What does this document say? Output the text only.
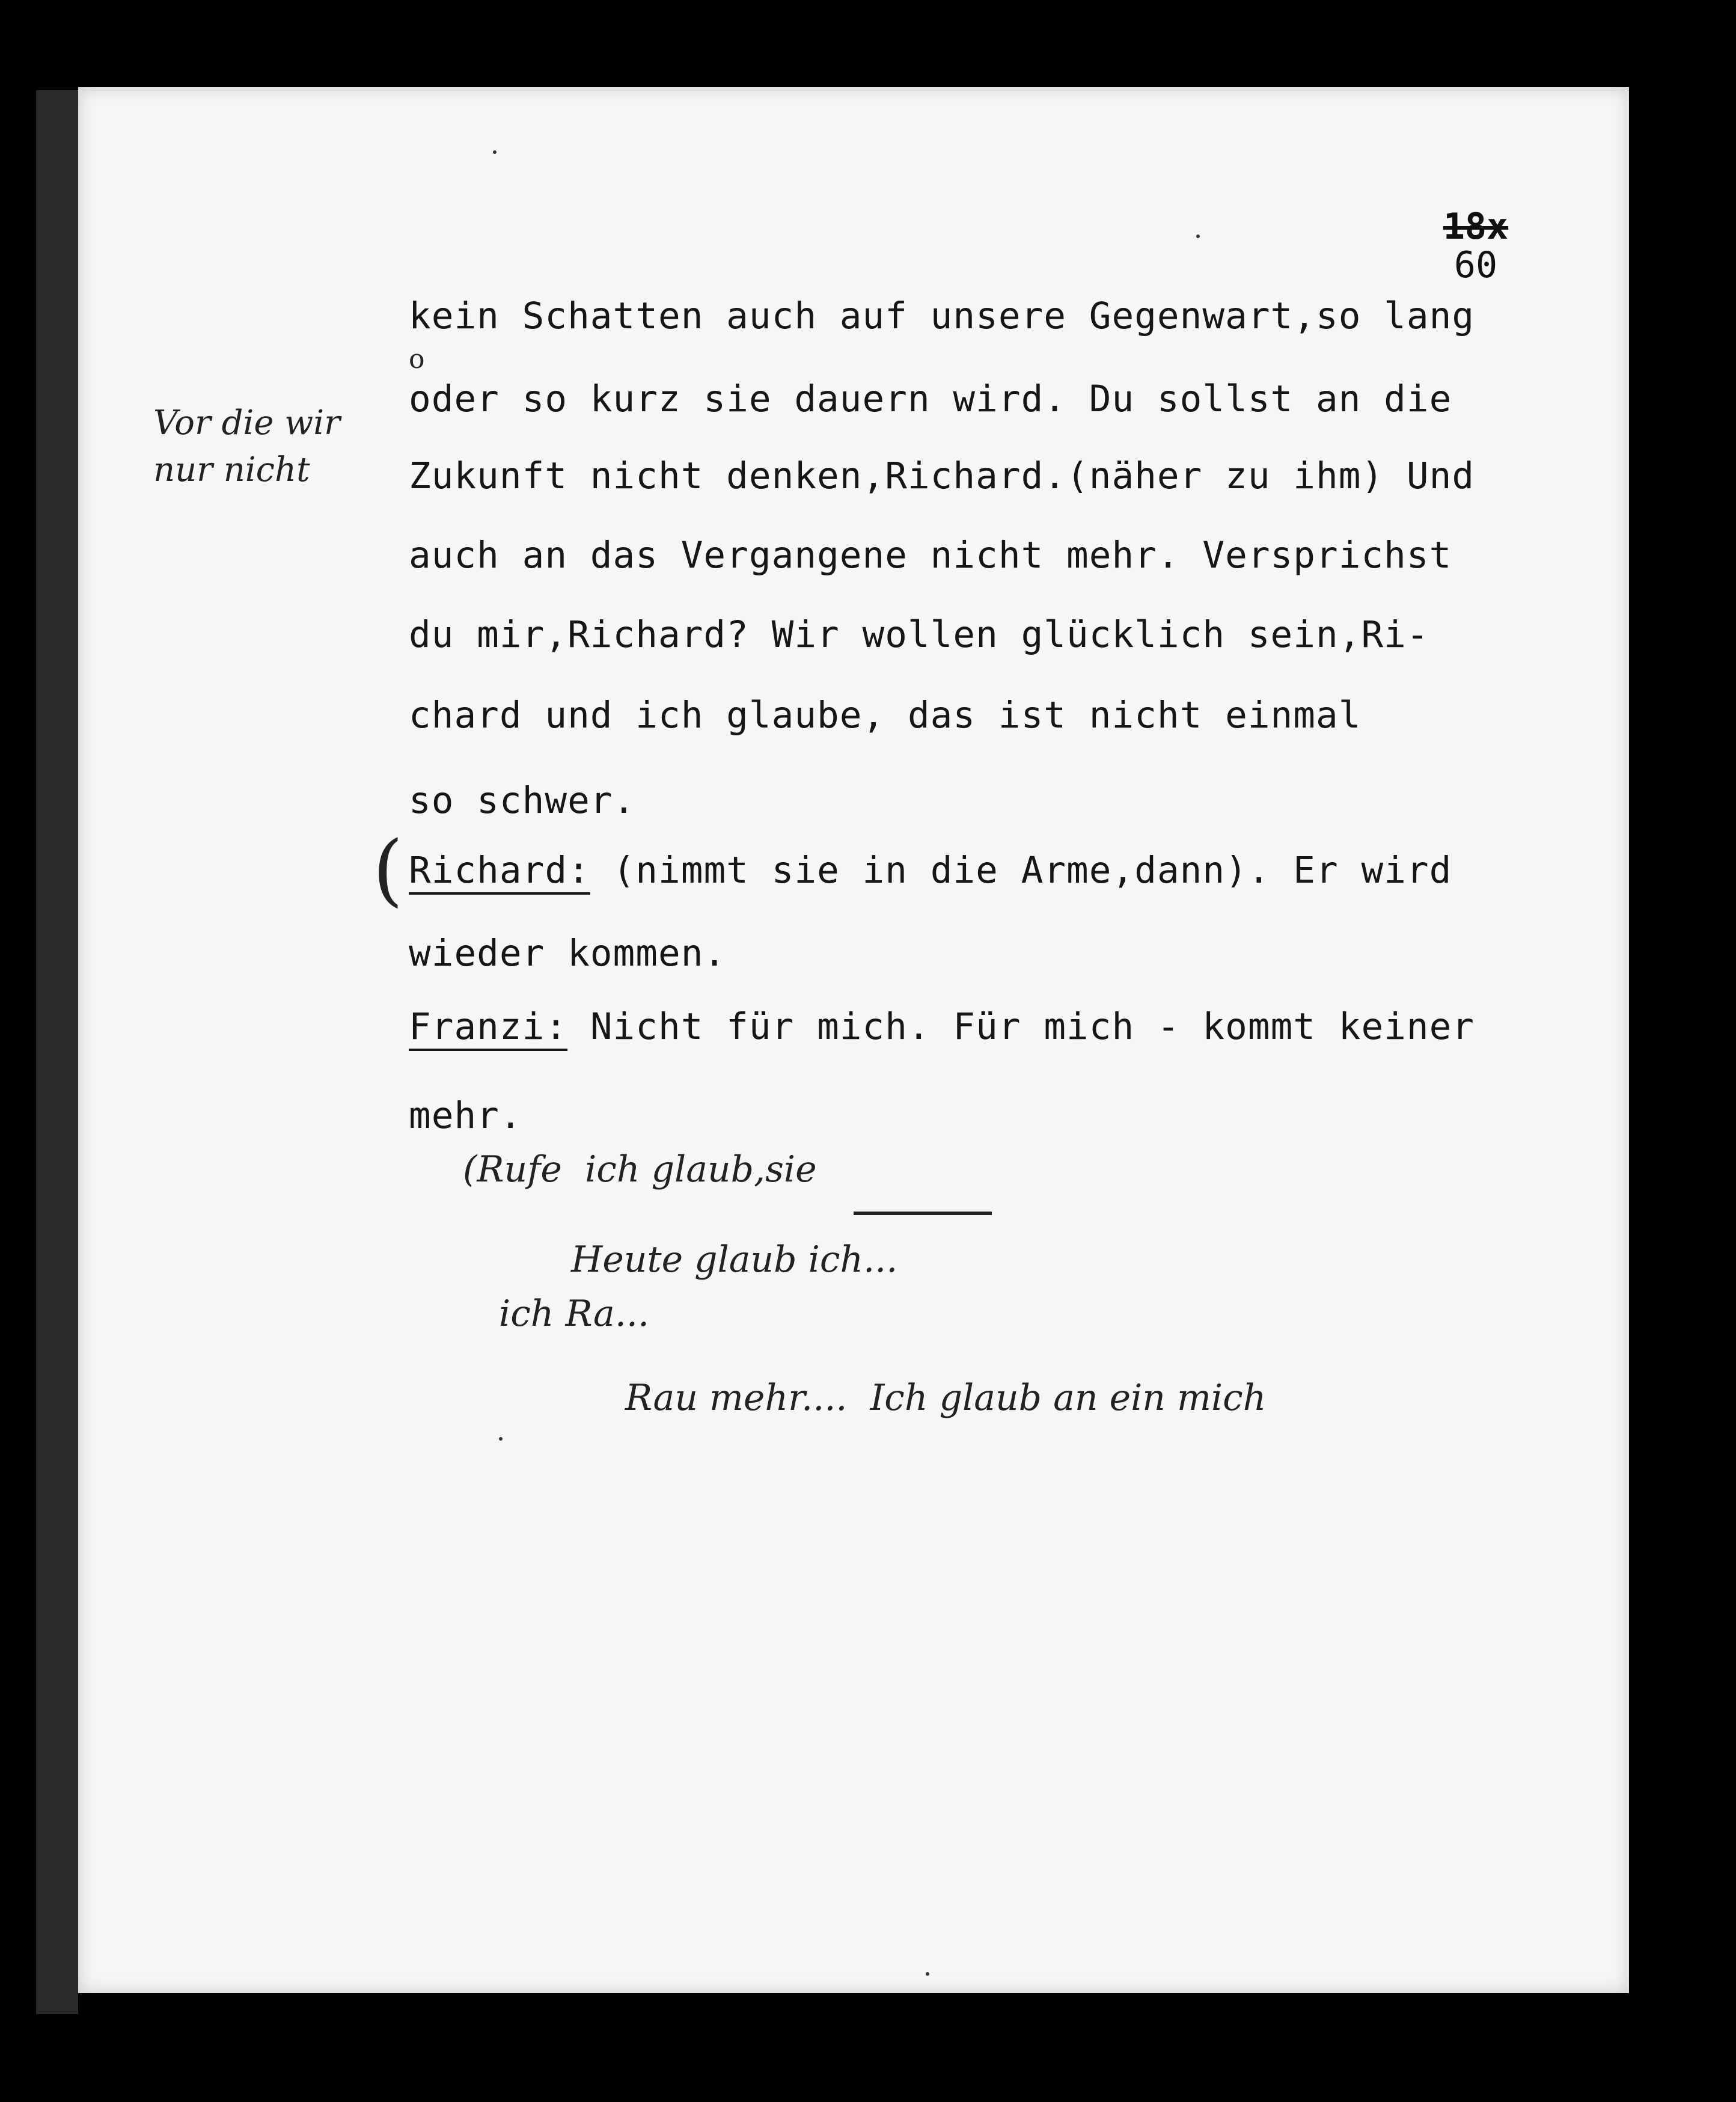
18x
60
Vor die wir
nur nicht
o
kein Schatten auch auf unsere Gegenwart,so lang
oder so kurz sie dauern wird. Du sollst an die
Zukunft nicht denken,Richard.(näher zu ihm) Und
auch an das Vergangene nicht mehr. Versprichst
du mir,Richard? Wir wollen glücklich sein,Ri-
chard und ich glaube, das ist nicht einmal
so schwer.
( Richard: (nimmt sie in die Arme,dann). Er wird
wieder kommen.
Franzi: Nicht für mich. Für mich - kommt keiner
mehr.
(Rufe  ich glaub,sie
Heute glaub ich...
ich Ra...
Rau mehr....  Ich glaub an ein mich
